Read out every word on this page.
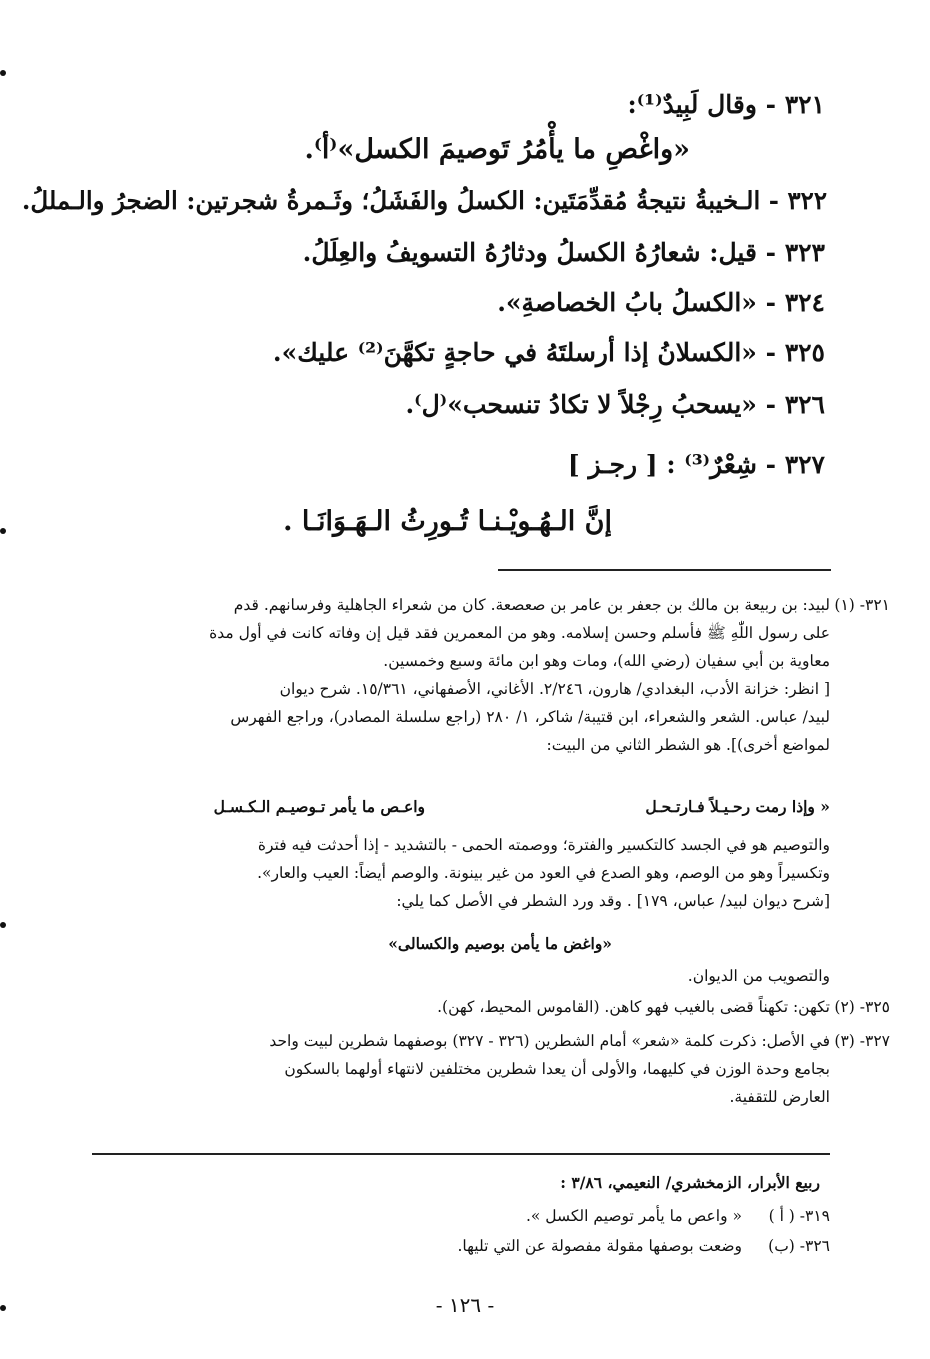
٣٢١ - وقال لَبِيدٌ⁽¹⁾:
«واغْصِ ما يأْمُرُ تَوصيمَ الكسل»⁽أ⁾.
٣٢٢ - الـخيبةُ نتيجةُ مُقدِّمَتَين: الكسلُ والفَشَلُ؛ وثَـمرةُ شجرتين: الضجرُ والـمللُ.
٣٢٣ - قيل: شعارُهُ الكسلُ ودثارُهُ التسويفُ والعِلَلُ.
٣٢٤ - «الكسلُ بابُ الخصاصةِ».
٣٢٥ - «الكسلانُ إذا أرسلتَهُ في حاجةٍ تكهَّنَ⁽²⁾ عليك».
٣٢٦ - «يسحبُ رِجْلاً لا تكادُ تنسحب»⁽ل⁾.
٣٢٧ - شِعْرٌ⁽³⁾ : [ رجـز ]
إنَّ الـهُـويْـنـا تُـورِثُ الـهَـوَانَـا .
٣٢١- (١)
لبيد: بن ربيعة بن مالك بن جعفر بن عامر بن صعصعة. كان من شعراء الجاهلية وفرسانهم. قدم
على رسول اللّٰهِ ﷺ فأسلم وحسن إسلامه. وهو من المعمرين فقد قيل إن وفاته كانت في أول مدة
معاوية بن أبي سفيان (رضي الله)، ومات وهو ابن مائة وسبع وخمسين.
[ انظر: خزانة الأدب، البغدادي/ هارون، ٢/٢٤٦. الأغاني، الأصفهاني، ١٥/٣٦١. شرح ديوان
لبيد/ عباس. الشعر والشعراء، ابن قتيبة/ شاكر، ١/ ٢٨٠ (راجع سلسلة المصادر)، وراجع الفهرس
لمواضع أخرى)]. هو الشطر الثاني من البيت:
« وإذا رمت رحـيـلاً فـارتـحـل
واعـص ما يأمر تـوصيـم الـكـسـل
والتوصيم هو في الجسد كالتكسير والفترة؛ ووصمته الحمى - بالتشديد - إذا أحدثت فيه فترة
وتكسيراً وهو من الوصم، وهو الصدع في العود من غير بينونة. والوصم أيضاً: العيب والعار».
[شرح ديوان لبيد/ عباس، ١٧٩] . وقد ورد الشطر في الأصل كما يلي:
«واغض ما يأمن بوصيم والكسالى»
والتصويب من الديوان.
٣٢٥- (٢)
تكهن: تكهناً قضى بالغيب فهو كاهن. (القاموس المحيط، كهن).
٣٢٧- (٣)
في الأصل: ذكرت كلمة «شعر» أمام الشطرين (٣٢٦ - ٣٢٧) بوصفهما شطرين لبيت واحد
بجامع وحدة الوزن في كليهما، والأولى أن يعدا شطرين مختلفين لانتهاء أولهما بالسكون
العارض للتقفية.
ربيع الأبرار، الزمخشري/ النعيمي، ٣/٨٦ :
٣١٩- ( أ )
« واعص ما يأمر توصيم الكسل ».
٣٢٦- (ب)
وضعت بوصفها مقولة مفصولة عن التي تليها.
- ١٢٦ -
